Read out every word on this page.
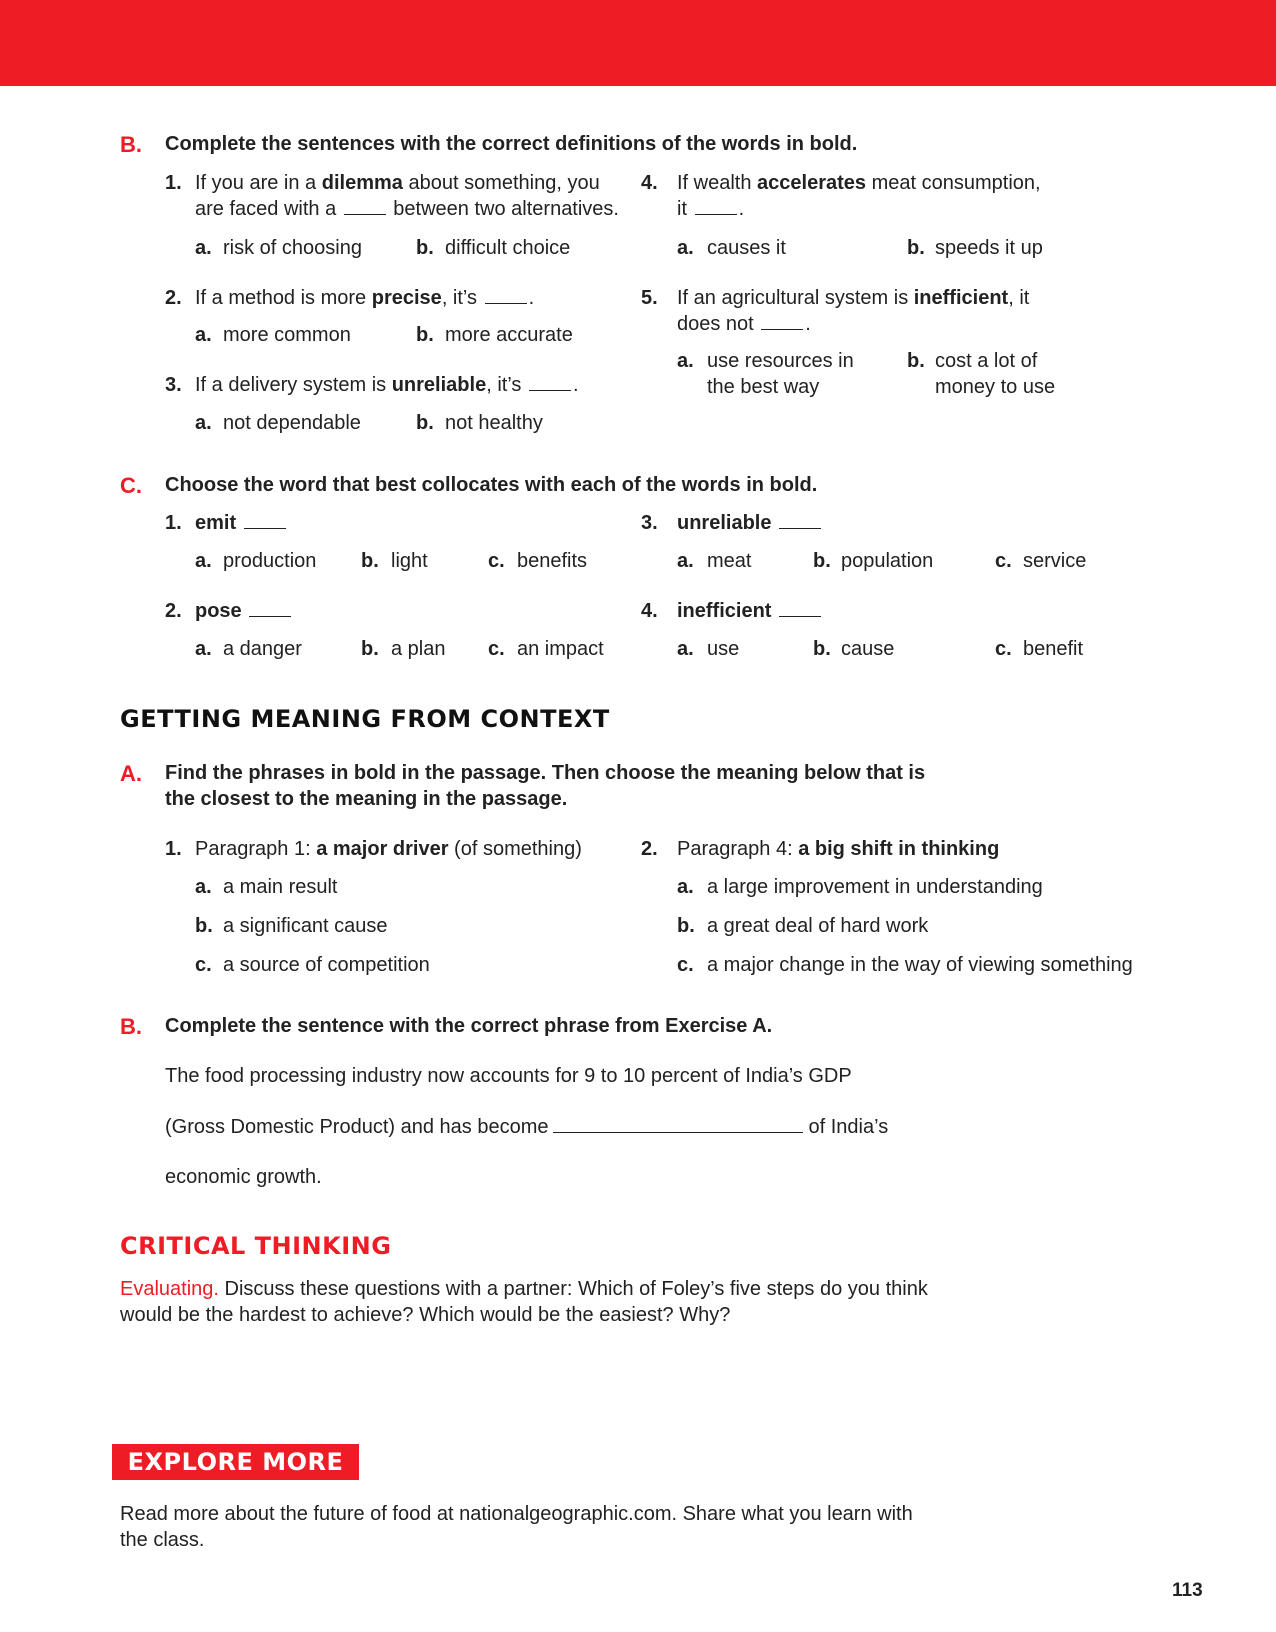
B. Complete the sentences with the correct definitions of the words in bold.
1. If you are in a dilemma about something, you
are faced with a  between two alternatives.
a. risk of choosing	b. difficult choice
2. If a method is more precise, it’s .
a. more common	b. more accurate
3. If a delivery system is unreliable, it’s .
a. not dependable	b. not healthy
4. If wealth accelerates meat consumption,
it .
a. causes it	b. speeds it up
5. If an agricultural system is inefficient, it
does not .
a. use resources in
the best way
b. cost a lot of
money to use
C. Choose the word that best collocates with each of the words in bold.
1. emit
a. production b. light	c. benefits
2. pose
a. a danger	b. a plan c. an impact
3. unreliable
a. meat	b. population	c. service
4. inefficient
a. use	b. cause	c. benefit
GETTING MEANING FROM CONTEXT
A. Find the phrases in bold in the passage. Then choose the meaning below that is
the closest to the meaning in the passage.
1. Paragraph 1: a major driver (of something)
a. a main result
b. a significant cause
c. a source of competition
2. Paragraph 4: a big shift in thinking
a. a large improvement in understanding
b. a great deal of hard work
c. a major change in the way of viewing something
B. Complete the sentence with the correct phrase from Exercise A.
The food processing industry now accounts for 9 to 10 percent of India’s GDP
(Gross Domestic Product) and has become	of India’s
economic growth.
CRITICAL THINKING
Evaluating. Discuss these questions with a partner: Which of Foley’s five steps do you think
would be the hardest to achieve? Which would be the easiest? Why?
EXPLORE MORE
Read more about the future of food at nationalgeographic.com. Share what you learn with
the class.
113
